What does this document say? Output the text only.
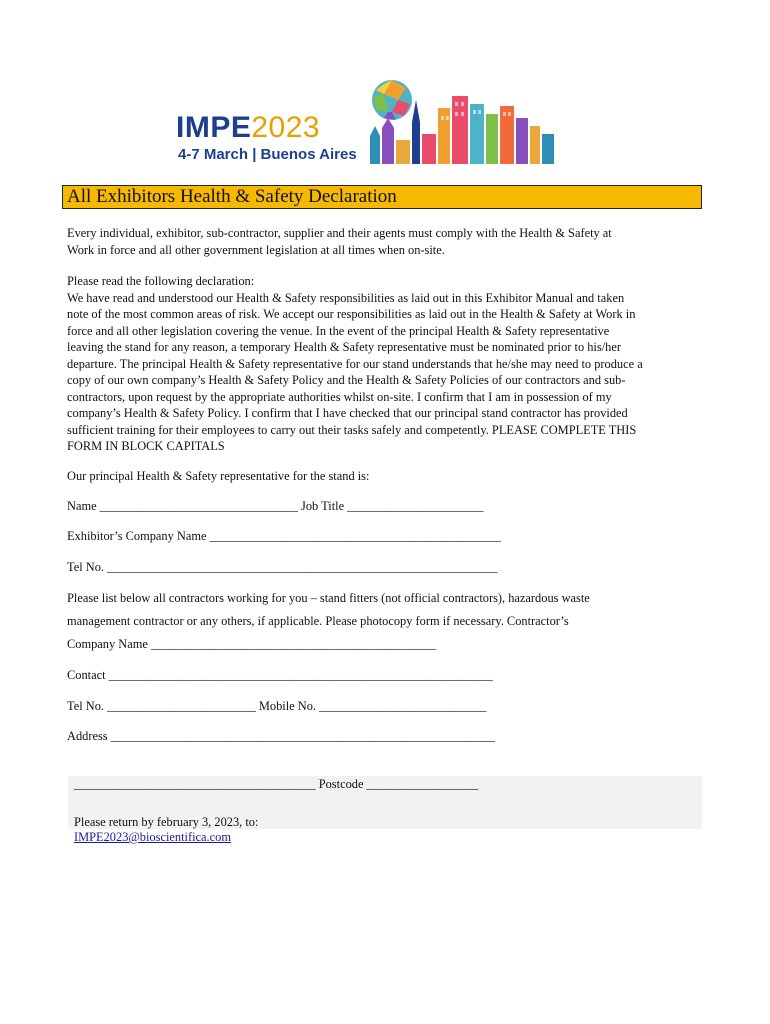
IMPE2023
4-7 March | Buenos Aires
All Exhibitors Health & Safety Declaration
Every individual, exhibitor, sub-contractor, supplier and their agents must comply with the Health & Safety at
Work in force and all other government legislation at all times when on-site.
Please read the following declaration:
We have read and understood our Health & Safety responsibilities as laid out in this Exhibitor Manual and taken
note of the most common areas of risk. We accept our responsibilities as laid out in the Health & Safety at Work in
force and all other legislation covering the venue. In the event of the principal Health & Safety representative
leaving the stand for any reason, a temporary Health & Safety representative must be nominated prior to his/her
departure. The principal Health & Safety representative for our stand understands that he/she may need to produce a
copy of our own company’s Health & Safety Policy and the Health & Safety Policies of our contractors and sub-
contractors, upon request by the appropriate authorities whilst on-site. I confirm that I am in possession of my
company’s Health & Safety Policy. I confirm that I have checked that our principal stand contractor has provided
sufficient training for their employees to carry out their tasks safely and competently. PLEASE COMPLETE THIS
FORM IN BLOCK CAPITALS
Our principal Health & Safety representative for the stand is:
Name ________________________________ Job Title ______________________
Exhibitor’s Company Name _______________________________________________
Tel No. _______________________________________________________________
Please list below all contractors working for you – stand fitters (not official contractors), hazardous waste
management contractor or any others, if applicable. Please photocopy form if necessary. Contractor’s
Company Name ______________________________________________
Contact ______________________________________________________________
Tel No. ________________________ Mobile No. ___________________________
Address ______________________________________________________________
_______________________________________ Postcode __________________
Please return by february 3, 2023, to:
IMPE2023@bioscientifica.com
